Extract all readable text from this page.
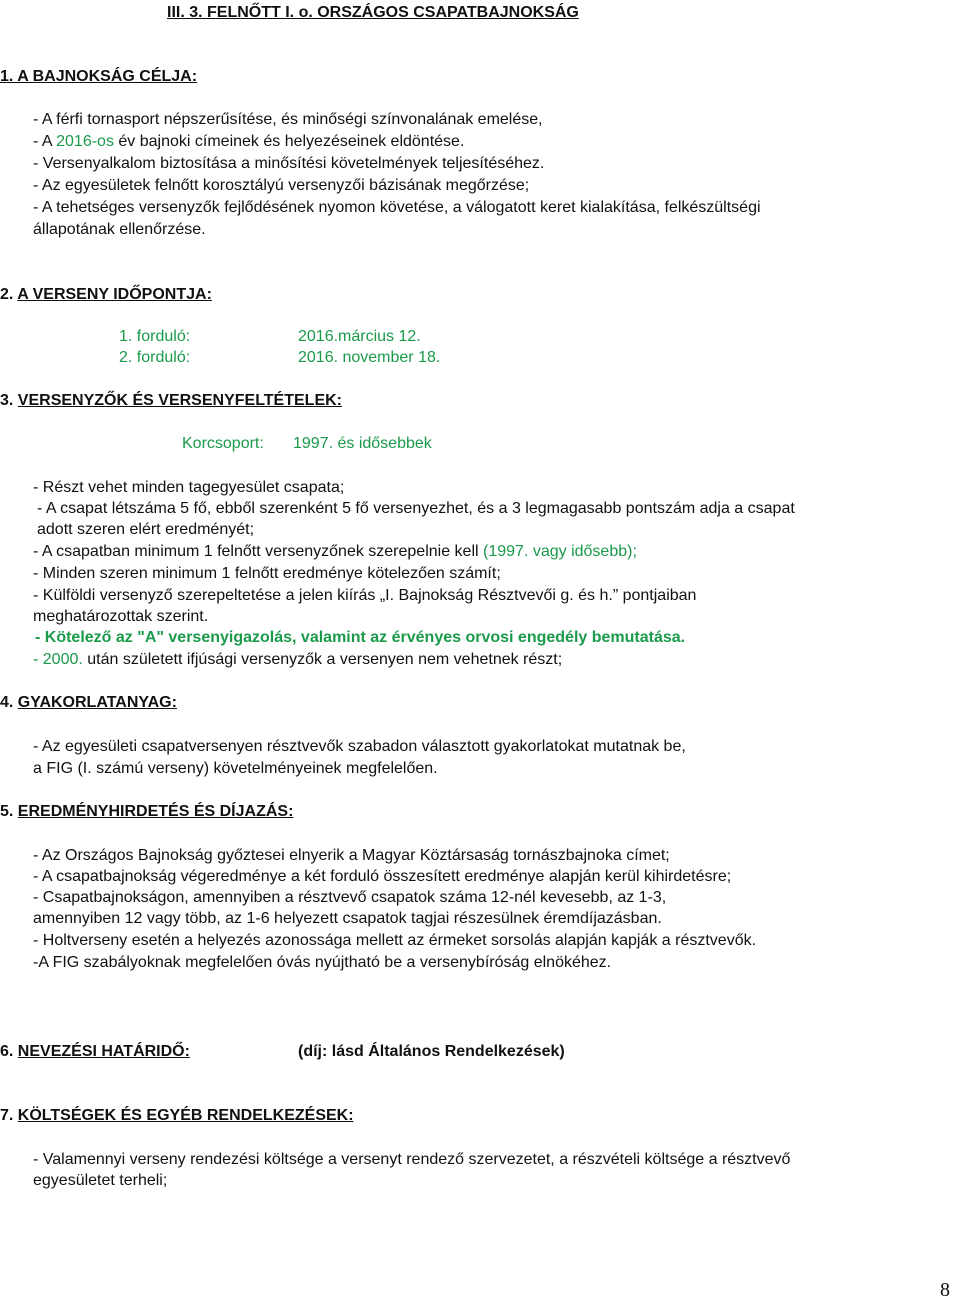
III. 3. FELNŐTT I. o. ORSZÁGOS CSAPATBAJNOKSÁG
1. A BAJNOKSÁG CÉLJA:
- A férfi tornasport népszerűsítése, és minőségi színvonalának emelése,
- A 2016-os év bajnoki címeinek és helyezéseinek eldöntése.
- Versenyalkalom biztosítása a minősítési követelmények teljesítéséhez.
- Az egyesületek felnőtt korosztályú versenyzői bázisának megőrzése;
- A tehetséges versenyzők fejlődésének nyomon követése, a válogatott keret kialakítása, felkészültségi
állapotának ellenőrzése.
2. A VERSENY IDŐPONTJA:
1. forduló:	2016.március 12.
2. forduló:	2016. november 18.
3. VERSENYZŐK ÉS VERSENYFELTÉTELEK:
Korcsoport: 1997. és idősebbek
- Részt vehet minden tagegyesület csapata;
- A csapat létszáma 5 fő, ebből szerenként 5 fő versenyezhet, és a 3 legmagasabb pontszám adja a csapat
adott szeren elért eredményét;
- A csapatban minimum 1 felnőtt versenyzőnek szerepelnie kell (1997. vagy idősebb);
- Minden szeren minimum 1 felnőtt eredménye kötelezően számít;
- Külföldi versenyző szerepeltetése a jelen kiírás „I. Bajnokság Résztvevői g. és h.” pontjaiban
meghatározottak szerint.
- Kötelező az "A" versenyigazolás, valamint az érvényes orvosi engedély bemutatása.
- 2000. után született ifjúsági versenyzők a versenyen nem vehetnek részt;
4. GYAKORLATANYAG:
- Az egyesületi csapatversenyen résztvevők szabadon választott gyakorlatokat mutatnak be,
a FIG (I. számú verseny) követelményeinek megfelelően.
5. EREDMÉNYHIRDETÉS ÉS DÍJAZÁS:
- Az Országos Bajnokság győztesei elnyerik a Magyar Köztársaság tornászbajnoka címet;
- A csapatbajnokság végeredménye a két forduló összesített eredménye alapján kerül kihirdetésre;
- Csapatbajnokságon, amennyiben a résztvevő csapatok száma 12-nél kevesebb, az 1-3,
amennyiben 12 vagy több, az 1-6 helyezett csapatok tagjai részesülnek éremdíjazásban.
- Holtverseny esetén a helyezés azonossága mellett az érmeket sorsolás alapján kapják a résztvevők.
-A FIG szabályoknak megfelelően óvás nyújtható be a versenybíróság elnökéhez.
6. NEVEZÉSI HATÁRIDŐ:	(díj: lásd Általános Rendelkezések)
7. KÖLTSÉGEK ÉS EGYÉB RENDELKEZÉSEK:
- Valamennyi verseny rendezési költsége a versenyt rendező szervezetet, a részvételi költsége a résztvevő
egyesületet terheli;
8
